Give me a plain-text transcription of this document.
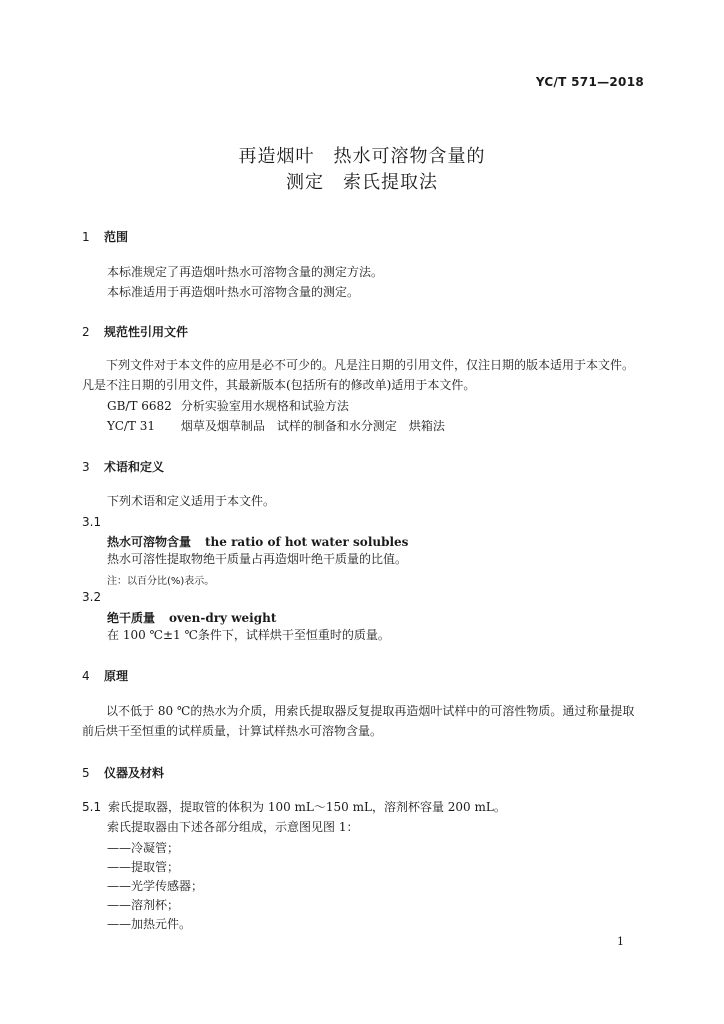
YC/T 571—2018
再造烟叶　热水可溶物含量的
测定　索氏提取法
1 范围
本标准规定了再造烟叶热水可溶物含量的测定方法。
本标准适用于再造烟叶热水可溶物含量的测定。
2 规范性引用文件
下列文件对于本文件的应用是必不可少的。凡是注日期的引用文件，仅注日期的版本适用于本文件。凡是不注日期的引用文件，其最新版本(包括所有的修改单)适用于本文件。
GB/T 6682 分析实验室用水规格和试验方法
YC/T 31 烟草及烟草制品　试样的制备和水分测定　烘箱法
3 术语和定义
下列术语和定义适用于本文件。
3.1
热水可溶物含量 the ratio of hot water solubles
热水可溶性提取物绝干质量占再造烟叶绝干质量的比值。
注：以百分比(%)表示。
3.2
绝干质量 oven-dry weight
在 100 ℃±1 ℃条件下，试样烘干至恒重时的质量。
4 原理
以不低于 80 ℃的热水为介质，用索氏提取器反复提取再造烟叶试样中的可溶性物质。通过称量提取前后烘干至恒重的试样质量，计算试样热水可溶物含量。
5 仪器及材料
5.1 索氏提取器，提取管的体积为 100 mL～150 mL，溶剂杯容量 200 mL。
索氏提取器由下述各部分组成，示意图见图 1：
——冷凝管；
——提取管；
——光学传感器；
——溶剂杯；
——加热元件。
1
